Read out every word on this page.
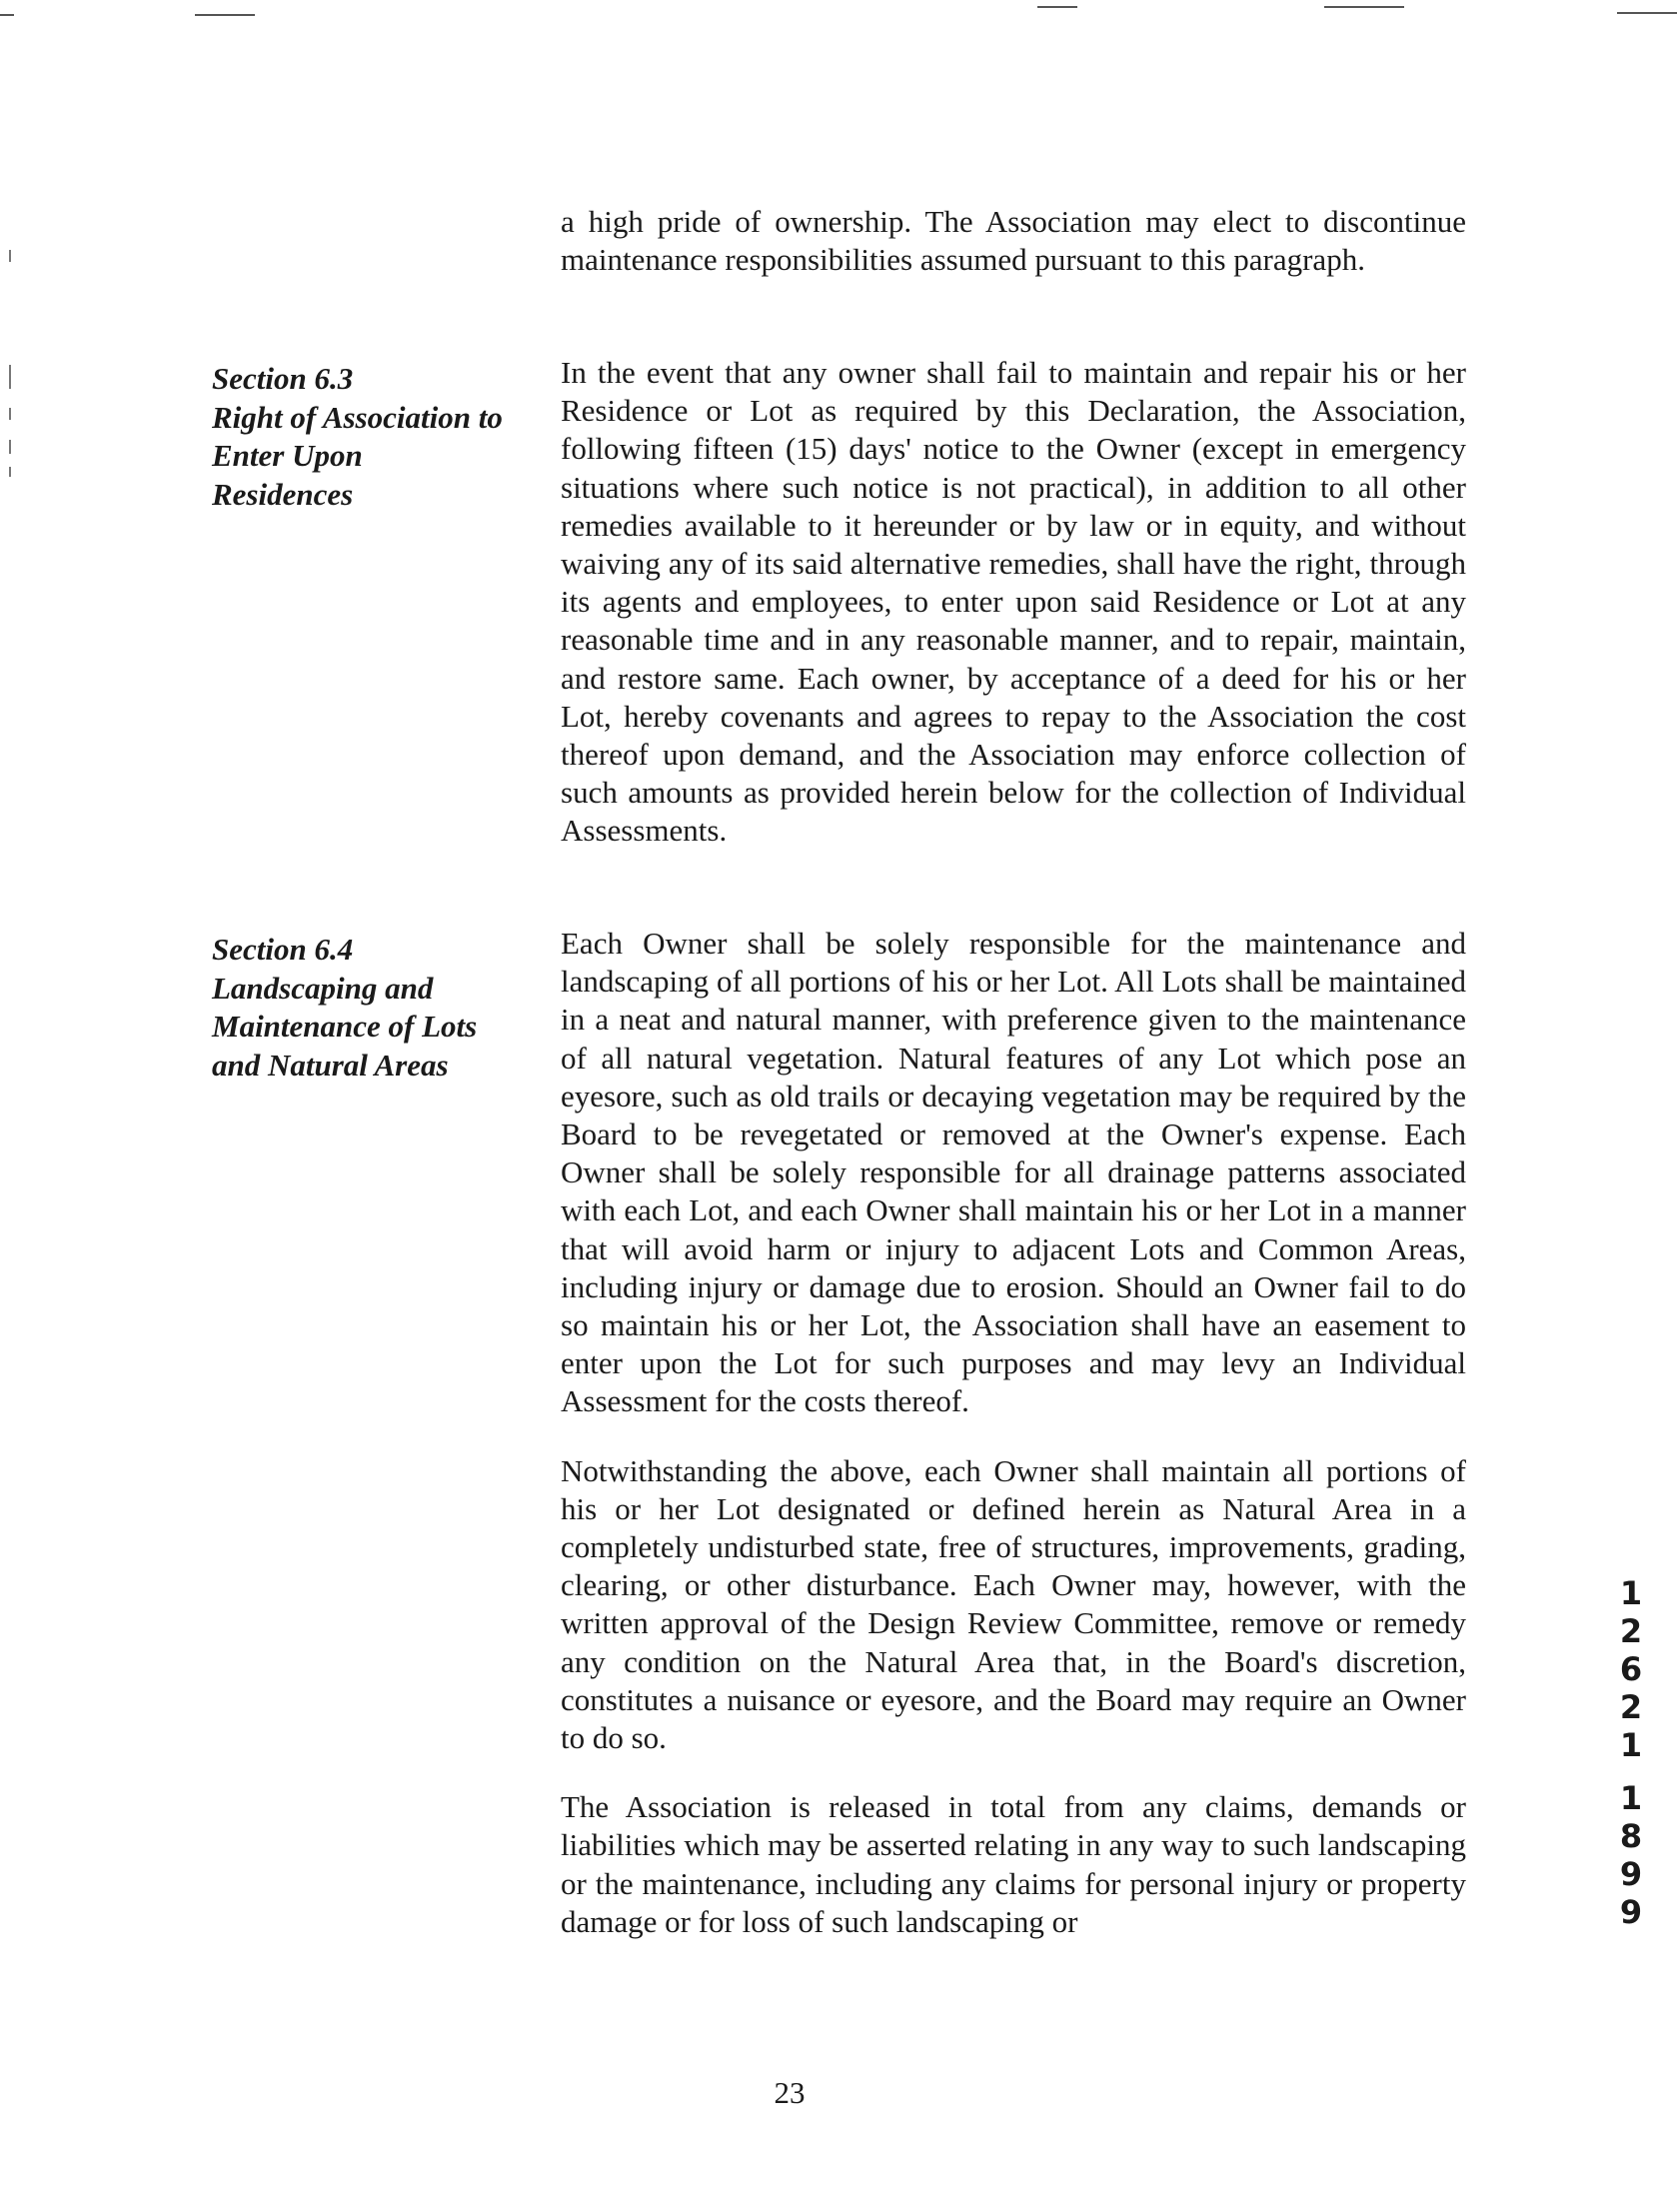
a high pride of ownership. The Association may elect to discontinue maintenance responsibilities assumed pursuant to this paragraph.
Section 6.3
Right of Association to
Enter Upon
Residences

In the event that any owner shall fail to maintain and repair his or her Residence or Lot as required by this Declaration, the Association, following fifteen (15) days' notice to the Owner (except in emergency situations where such notice is not practical), in addition to all other remedies available to it hereunder or by law or in equity, and without waiving any of its said alternative remedies, shall have the right, through its agents and employees, to enter upon said Residence or Lot at any reasonable time and in any reasonable manner, and to repair, maintain, and restore same. Each owner, by acceptance of a deed for his or her Lot, hereby covenants and agrees to repay to the Association the cost thereof upon demand, and the Association may enforce collection of such amounts as provided herein below for the collection of Individual Assessments.

Section 6.4
Landscaping and
Maintenance of Lots
and Natural Areas

Each Owner shall be solely responsible for the maintenance and landscaping of all portions of his or her Lot. All Lots shall be maintained in a neat and natural manner, with preference given to the maintenance of all natural vegetation. Natural features of any Lot which pose an eyesore, such as old trails or decaying vegetation may be required by the Board to be revegetated or removed at the Owner's expense. Each Owner shall be solely responsible for all drainage patterns associated with each Lot, and each Owner shall maintain his or her Lot in a manner that will avoid harm or injury to adjacent Lots and Common Areas, including injury or damage due to erosion. Should an Owner fail to do so maintain his or her Lot, the Association shall have an easement to enter upon the Lot for such purposes and may levy an Individual Assessment for the costs thereof.

Notwithstanding the above, each Owner shall maintain all portions of his or her Lot designated or defined herein as Natural Area in a completely undisturbed state, free of structures, improvements, grading, clearing, or other disturbance. Each Owner may, however, with the written approval of the Design Review Committee, remove or remedy any condition on the Natural Area that, in the Board's discretion, constitutes a nuisance or eyesore, and the Board may require an Owner to do so.

The Association is released in total from any claims, demands or liabilities which may be asserted relating in any way to such landscaping or the maintenance, including any claims for personal injury or property damage or for loss of such landscaping or

23
1
2
6
2
1
1
8
9
9
